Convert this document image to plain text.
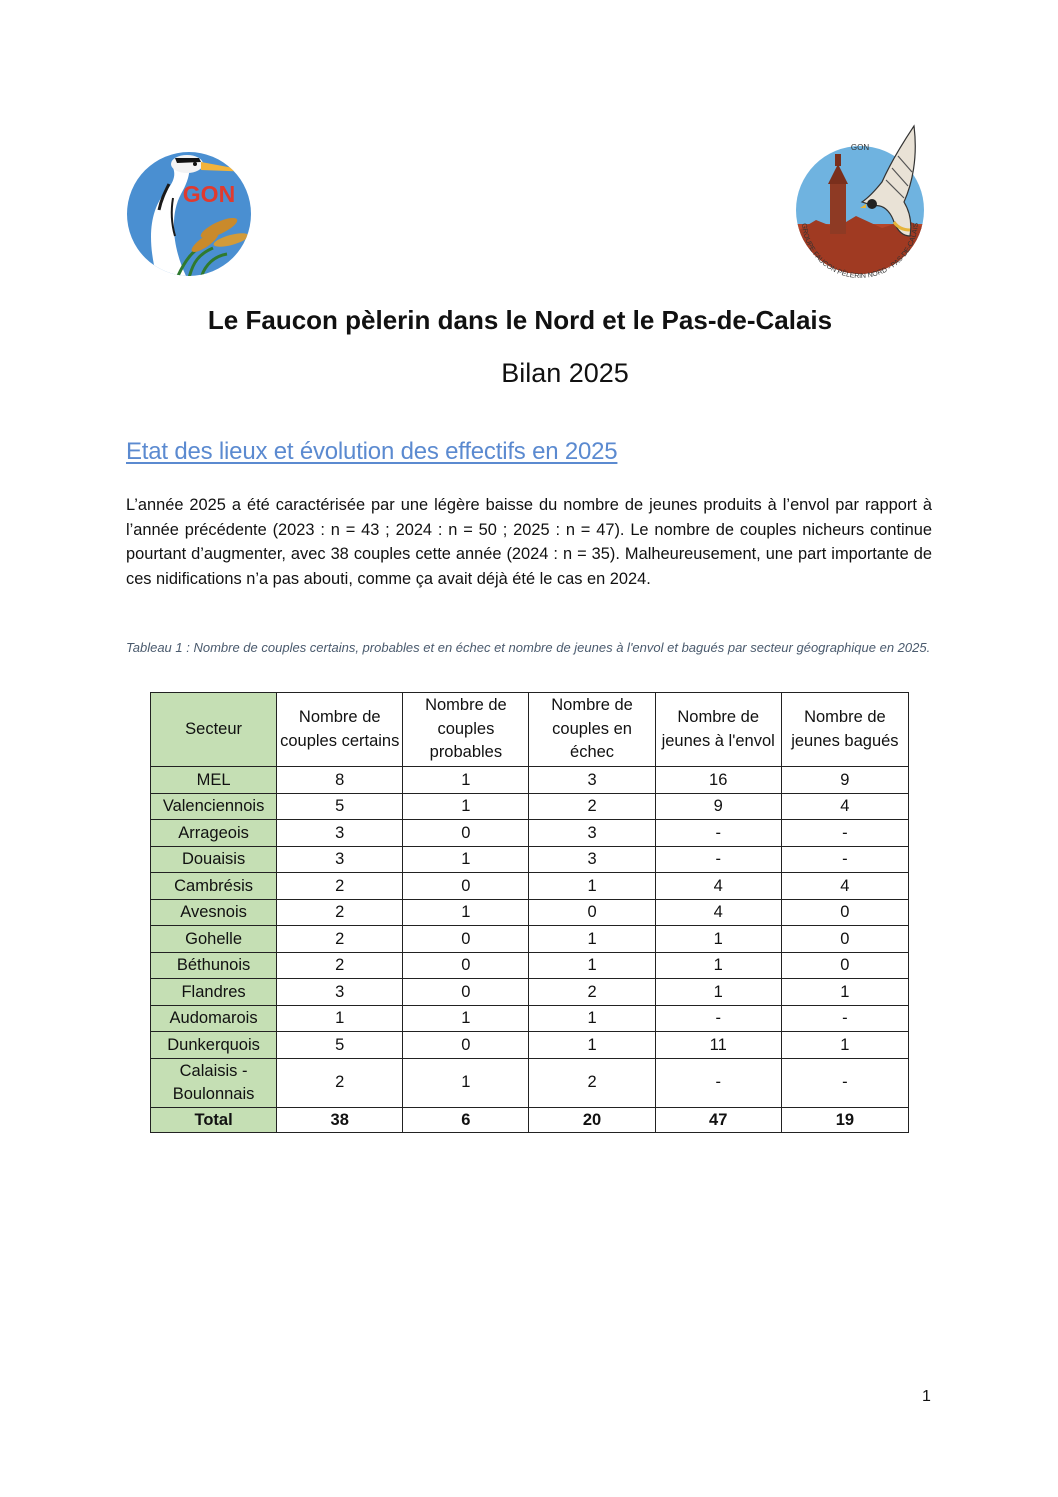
GON
GON
GROUPE FAUCON PÈLERIN NORD - PAS-DE-CALAIS
Le Faucon pèlerin dans le Nord et le Pas-de-Calais
Bilan 2025
Etat des lieux et évolution des effectifs en 2025

L’année 2025 a été caractérisée par une légère baisse du nombre de jeunes produits à l’envol par rapport à l’année précédente (2023 : n = 43 ; 2024 : n = 50 ; 2025 : n = 47). Le nombre de couples nicheurs continue pourtant d’augmenter, avec 38 couples cette année (2024 : n = 35). Malheureusement, une part importante de ces nidifications n’a pas abouti, comme ça avait déjà été le cas en 2024.

Tableau 1 : Nombre de couples certains, probables et en échec et nombre de jeunes à l'envol et bagués par secteur géographique en 2025.

Secteur	Nombre de couples certains	Nombre de couples probables	Nombre de couples en échec	Nombre de jeunes à l'envol	Nombre de jeunes bagués
MEL	8	1	3	16	9
Valenciennois	5	1	2	9	4
Arrageois	3	0	3	-	-
Douaisis	3	1	3	-	-
Cambrésis	2	0	1	4	4
Avesnois	2	1	0	4	0
Gohelle	2	0	1	1	0
Béthunois	2	0	1	1	0
Flandres	3	0	2	1	1
Audomarois	1	1	1	-	-
Dunkerquois	5	0	1	11	1
Calaisis - Boulonnais	2	1	2	-	-
Total	38	6	20	47	19
1
